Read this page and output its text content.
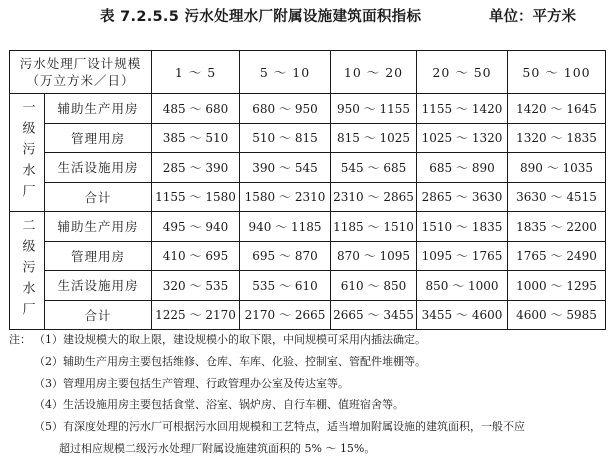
表 7.2.5.5 污水处理水厂附属设施建筑面积指标	单位：平方米
污水处理厂设计规模
（万立方米／日）		1 ～ 5	5 ～ 10	10 ～ 20	20 ～ 50	50 ～ 100
一级污水厂	辅助生产用房	485 ～ 680	680 ～ 950	950 ～ 1155	1155 ～ 1420	1420 ～ 1645
	管理用房	385 ～ 510	510 ～ 815	815 ～ 1025	1025 ～ 1320	1320 ～ 1835
	生活设施用房	285 ～ 390	390 ～ 545	545 ～ 685	685 ～ 890	890 ～ 1035
	合计	1155 ～ 1580	1580 ～ 2310	2310 ～ 2865	2865 ～ 3630	3630 ～ 4515
二级污水厂	辅助生产用房	495 ～ 940	940 ～ 1185	1185 ～ 1510	1510 ～ 1835	1835 ～ 2200
	管理用房	410 ～ 695	695 ～ 870	870 ～ 1095	1095 ～ 1765	1765 ～ 2490
	生活设施用房	320 ～ 535	535 ～ 610	610 ～ 850	850 ～ 1000	1000 ～ 1295
	合计	1225 ～ 2170	2170 ～ 2665	2665 ～ 3455	3455 ～ 4600	4600 ～ 5985
注： （1）建设规模大的取上限，建设规模小的取下限，中间规模可采用内插法确定。
（2）辅助生产用房主要包括维修、仓库、车库、化验、控制室、管配件堆棚等。
（3）管理用房主要包括生产管理、行政管理办公室及传达室等。
（4）生活设施用房主要包括食堂、浴室、锅炉房、自行车棚、值班宿舍等。
（5）有深度处理的污水厂可根据污水回用规模和工艺特点，适当增加附属设施的建筑面积，一般不应
超过相应规模二级污水处理厂附属设施建筑面积的 5% ～ 15%。
